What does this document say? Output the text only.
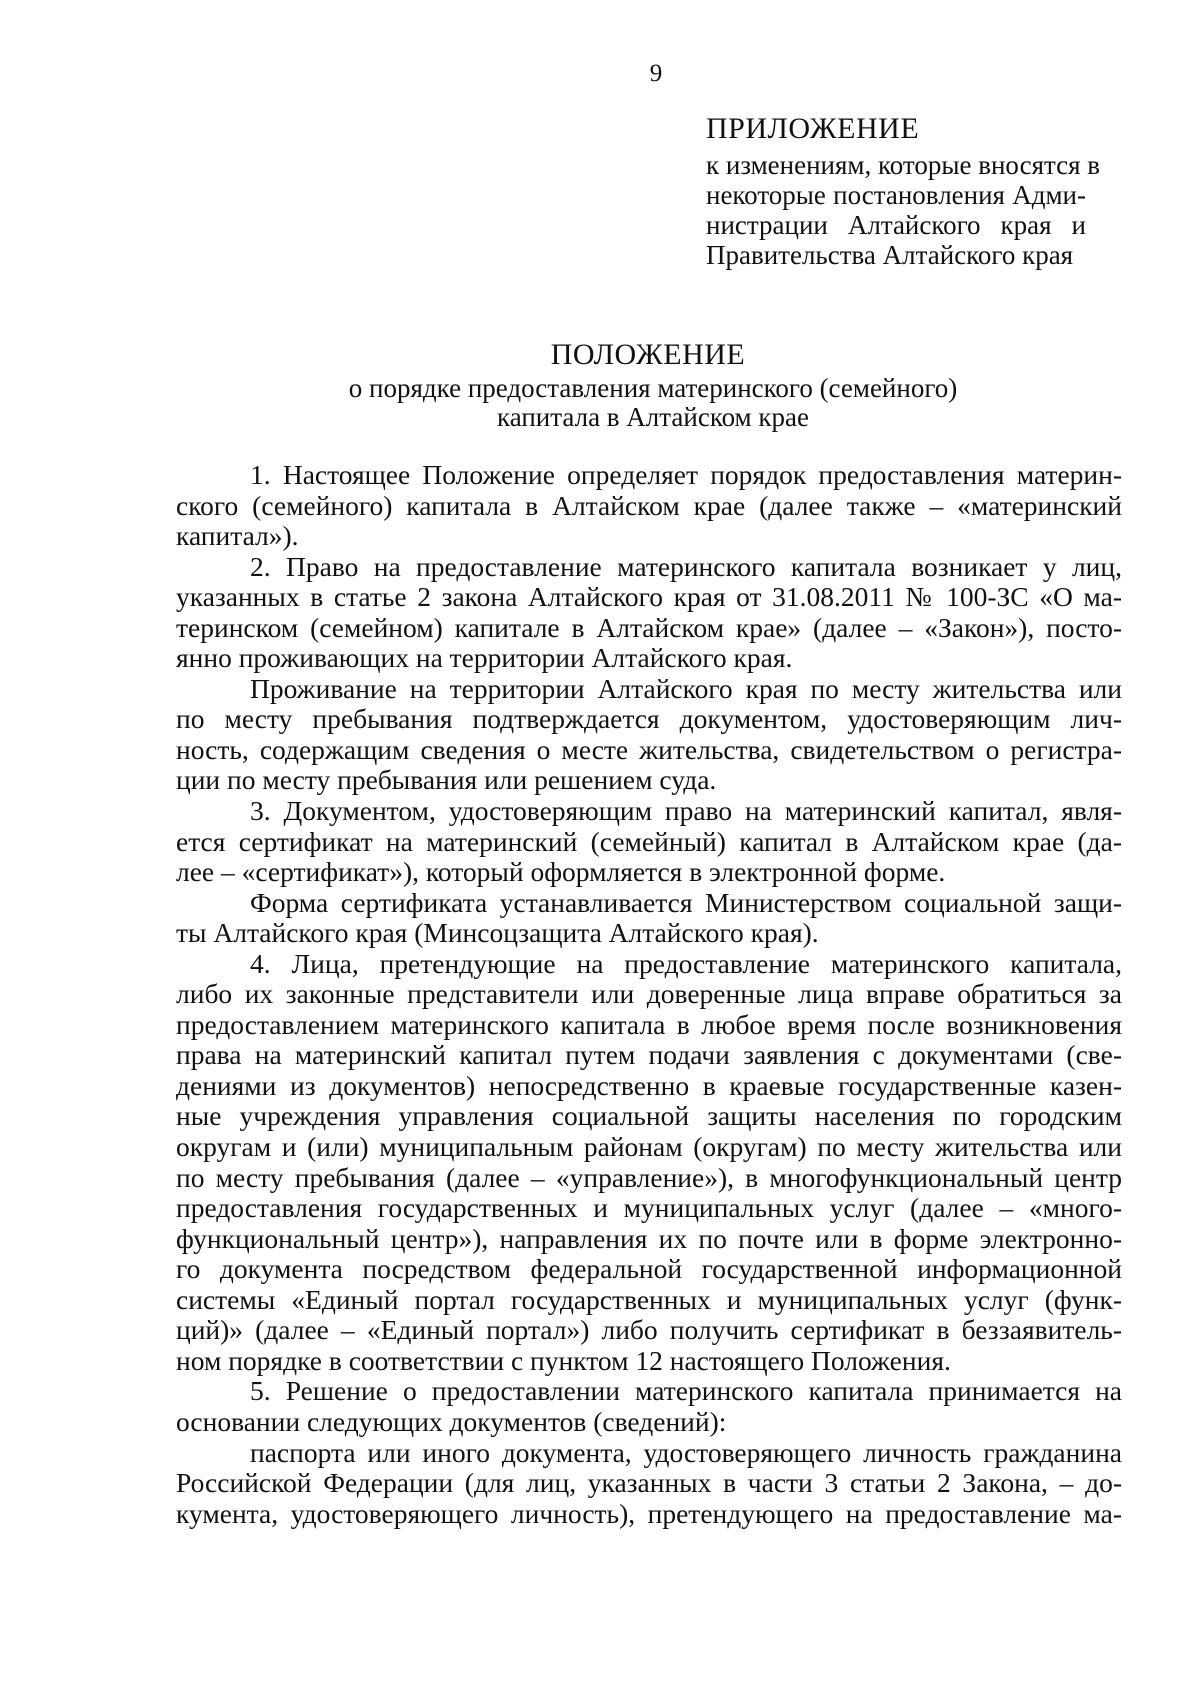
9
ПРИЛОЖЕНИЕ
к изменениям, которые вносятся в
некоторые постановления Адми-
нистрации Алтайского края и
Правительства Алтайского края
ПОЛОЖЕНИЕ
о порядке предоставления материнского (семейного)
капитала в Алтайском крае
1. Настоящее Положение определяет порядок предоставления материн-
ского (семейного) капитала в Алтайском крае (далее также – «материнский
капитал»).
2. Право на предоставление материнского капитала возникает у лиц,
указанных в статье 2 закона Алтайского края от 31.08.2011 № 100-ЗС «О ма-
теринском (семейном) капитале в Алтайском крае» (далее – «Закон»), посто-
янно проживающих на территории Алтайского края.
Проживание на территории Алтайского края по месту жительства или
по месту пребывания подтверждается документом, удостоверяющим лич-
ность, содержащим сведения о месте жительства, свидетельством о регистра-
ции по месту пребывания или решением суда.
3. Документом, удостоверяющим право на материнский капитал, явля-
ется сертификат на материнский (семейный) капитал в Алтайском крае (да-
лее – «сертификат»), который оформляется в электронной форме.
Форма сертификата устанавливается Министерством социальной защи-
ты Алтайского края (Минсоцзащита Алтайского края).
4. Лица, претендующие на предоставление материнского капитала,
либо их законные представители или доверенные лица вправе обратиться за
предоставлением материнского капитала в любое время после возникновения
права на материнский капитал путем подачи заявления с документами (све-
дениями из документов) непосредственно в краевые государственные казен-
ные учреждения управления социальной защиты населения по городским
округам и (или) муниципальным районам (округам) по месту жительства или
по месту пребывания (далее – «управление»), в многофункциональный центр
предоставления государственных и муниципальных услуг (далее – «много-
функциональный центр»), направления их по почте или в форме электронно-
го документа посредством федеральной государственной информационной
системы «Единый портал государственных и муниципальных услуг (функ-
ций)» (далее – «Единый портал») либо получить сертификат в беззаявитель-
ном порядке в соответствии с пунктом 12 настоящего Положения.
5. Решение о предоставлении материнского капитала принимается на
основании следующих документов (сведений):
паспорта или иного документа, удостоверяющего личность гражданина
Российской Федерации (для лиц, указанных в части 3 статьи 2 Закона, – до-
кумента, удостоверяющего личность), претендующего на предоставление ма-
